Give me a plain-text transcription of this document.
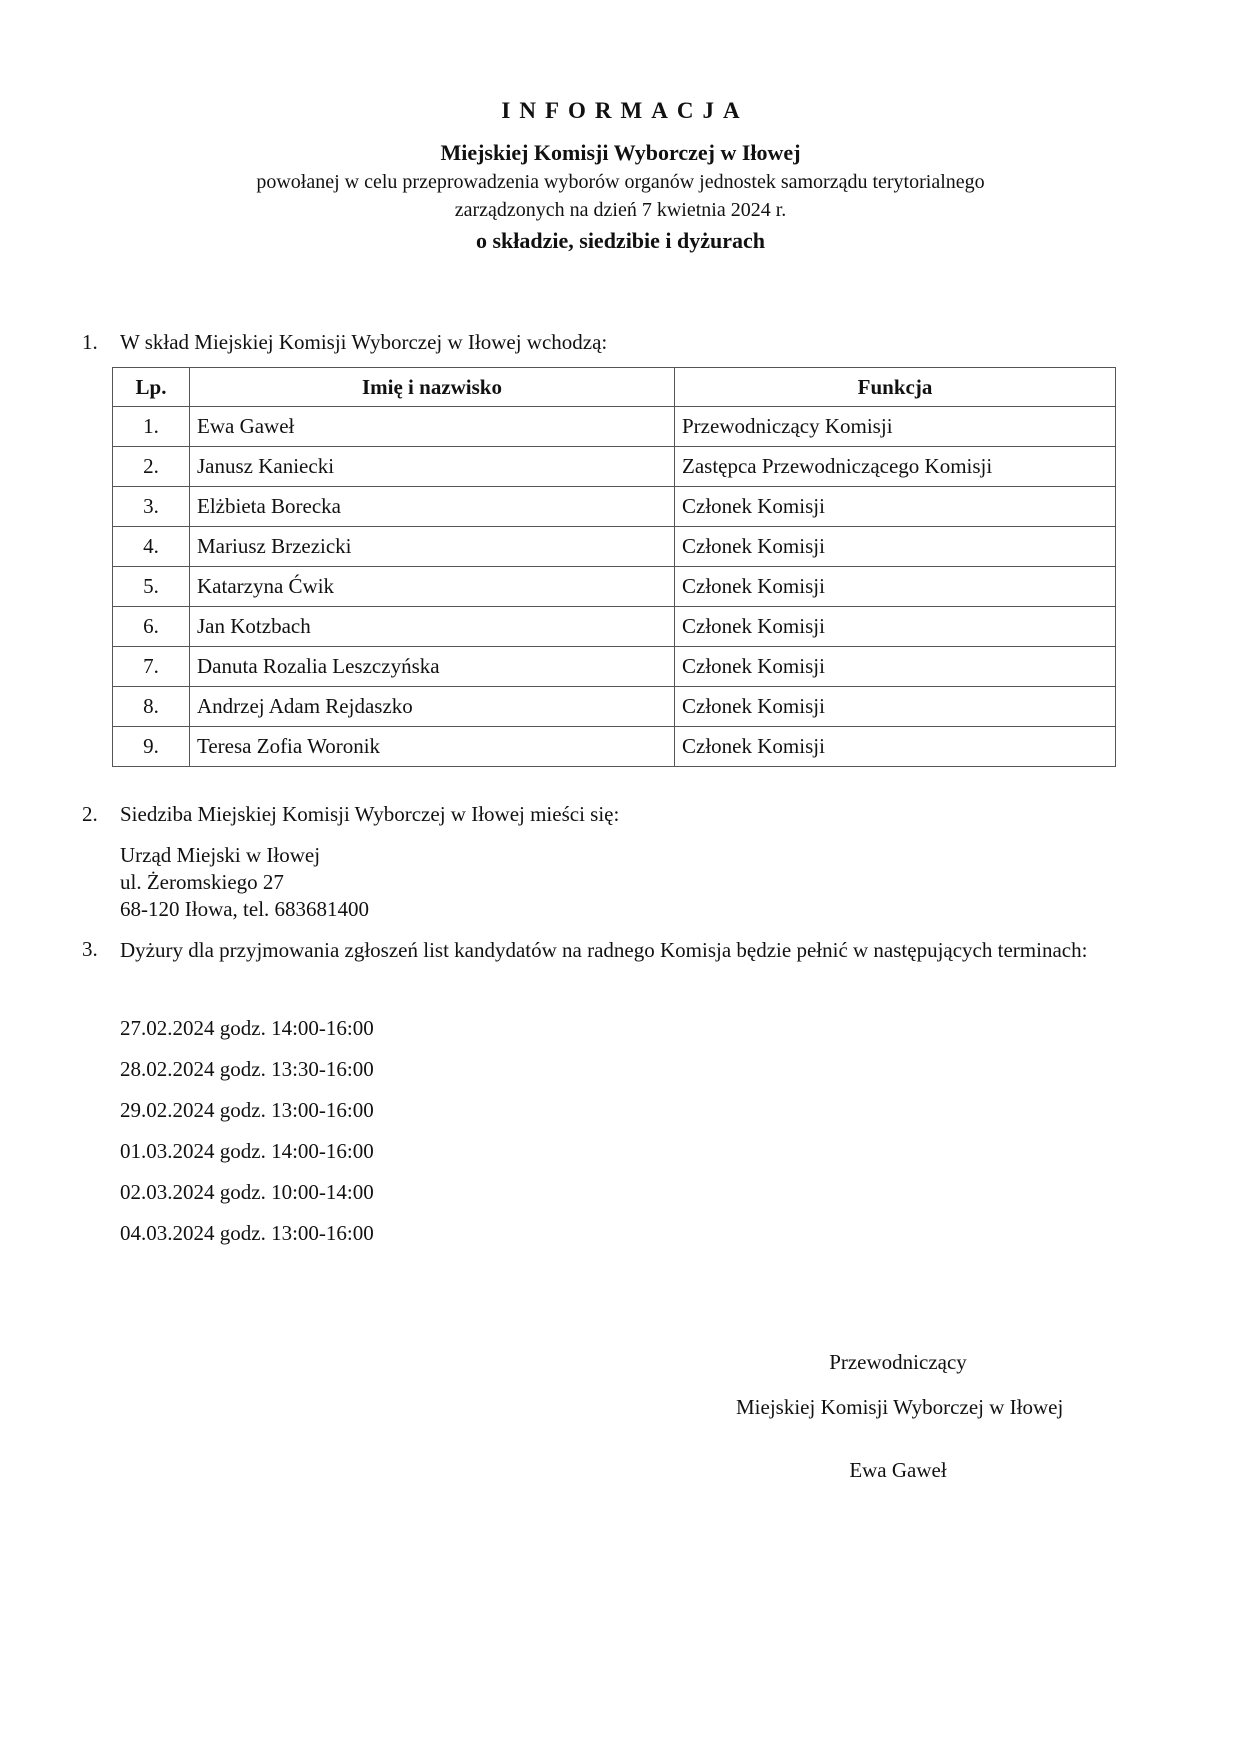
INFORMACJA
Miejskiej Komisji Wyborczej w Iłowej
powołanej w celu przeprowadzenia wyborów organów jednostek samorządu terytorialnego
zarządzonych na dzień 7 kwietnia 2024 r.
o składzie, siedzibie i dyżurach
1. W skład Miejskiej Komisji Wyborczej w Iłowej wchodzą:
Lp.	Imię i nazwisko	Funkcja
1.	Ewa Gaweł	Przewodniczący Komisji
2.	Janusz Kaniecki	Zastępca Przewodniczącego Komisji
3.	Elżbieta Borecka	Członek Komisji
4.	Mariusz Brzezicki	Członek Komisji
5.	Katarzyna Ćwik	Członek Komisji
6.	Jan Kotzbach	Członek Komisji
7.	Danuta Rozalia Leszczyńska	Członek Komisji
8.	Andrzej Adam Rejdaszko	Członek Komisji
9.	Teresa Zofia Woronik	Członek Komisji
2. Siedziba Miejskiej Komisji Wyborczej w Iłowej mieści się:
Urząd Miejski w Iłowej
ul. Żeromskiego 27
68-120 Iłowa, tel. 683681400
3. Dyżury dla przyjmowania zgłoszeń list kandydatów na radnego Komisja będzie pełnić w następujących terminach:
27.02.2024 godz. 14:00-16:00
28.02.2024 godz. 13:30-16:00
29.02.2024 godz. 13:00-16:00
01.03.2024 godz. 14:00-16:00
02.03.2024 godz. 10:00-14:00
04.03.2024 godz. 13:00-16:00
Przewodniczący
Miejskiej Komisji Wyborczej w Iłowej
Ewa Gaweł
